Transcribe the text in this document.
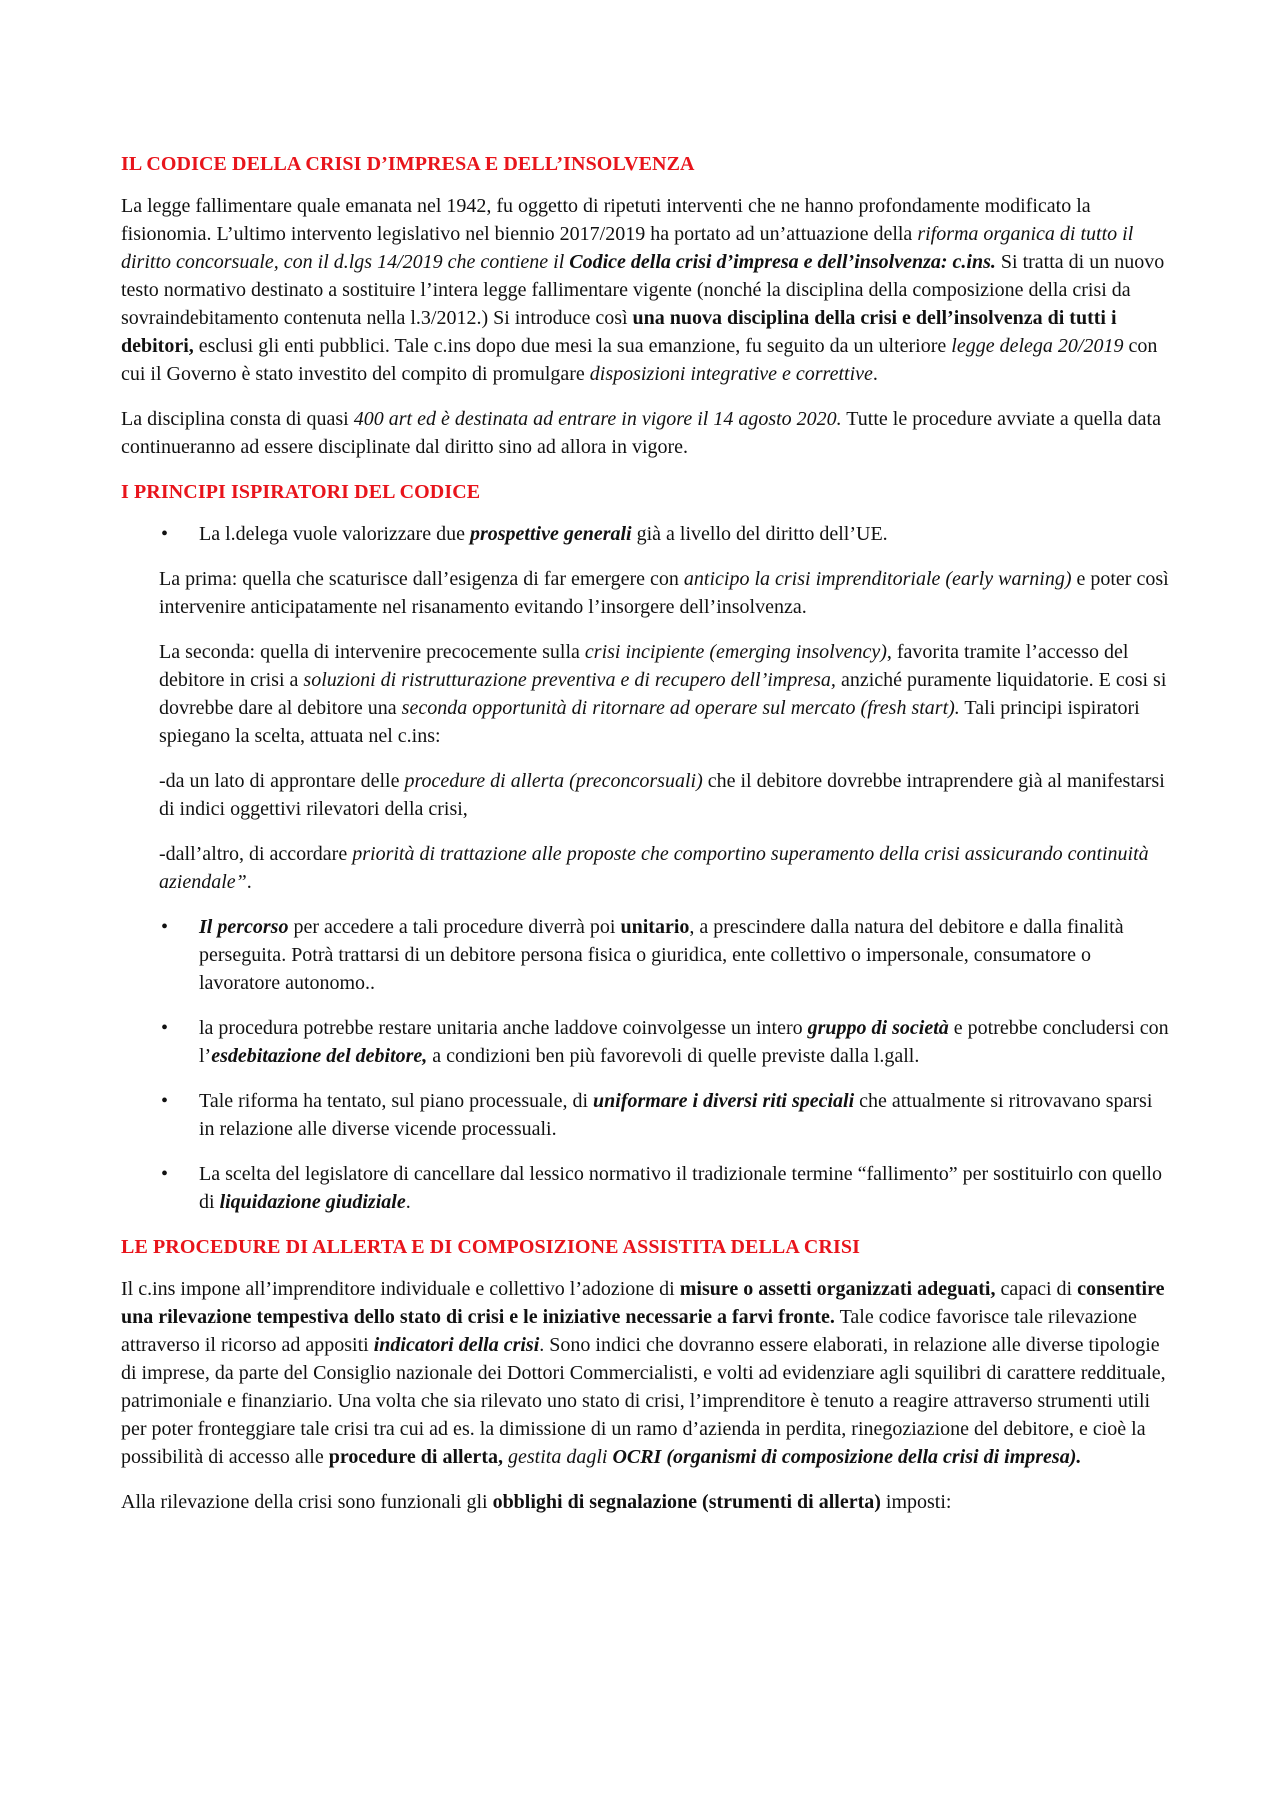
IL CODICE DELLA CRISI D’IMPRESA E DELL’INSOLVENZA

La legge fallimentare quale emanata nel 1942, fu oggetto di ripetuti interventi che ne hanno profondamente modificato la fisionomia. L’ultimo intervento legislativo nel biennio 2017/2019 ha portato ad un’attuazione della riforma organica di tutto il diritto concorsuale, con il d.lgs 14/2019 che contiene il Codice della crisi d’impresa e dell’insolvenza: c.ins. Si tratta di un nuovo testo normativo destinato a sostituire l’intera legge fallimentare vigente (nonché la disciplina della composizione della crisi da sovraindebitamento contenuta nella l.3/2012.) Si introduce così una nuova disciplina della crisi e dell’insolvenza di tutti i debitori, esclusi gli enti pubblici. Tale c.ins dopo due mesi la sua emanzione, fu seguito da un ulteriore legge delega 20/2019 con cui il Governo è stato investito del compito di promulgare disposizioni integrative e correttive.

La disciplina consta di quasi 400 art ed è destinata ad entrare in vigore il 14 agosto 2020. Tutte le procedure avviate a quella data continueranno ad essere disciplinate dal diritto sino ad allora in vigore.

I PRINCIPI ISPIRATORI DEL CODICE
• La l.delega vuole valorizzare due prospettive generali già a livello del diritto dell’UE.

La prima: quella che scaturisce dall’esigenza di far emergere con anticipo la crisi imprenditoriale (early warning) e poter così intervenire anticipatamente nel risanamento evitando l’insorgere dell’insolvenza.

La seconda: quella di intervenire precocemente sulla crisi incipiente (emerging insolvency), favorita tramite l’accesso del debitore in crisi a soluzioni di ristrutturazione preventiva e di recupero dell’impresa, anziché puramente liquidatorie. E cosi si dovrebbe dare al debitore una seconda opportunità di ritornare ad operare sul mercato (fresh start). Tali principi ispiratori spiegano la scelta, attuata nel c.ins:

-da un lato di approntare delle procedure di allerta (preconcorsuali) che il debitore dovrebbe intraprendere già al manifestarsi di indici oggettivi rilevatori della crisi,

-dall’altro, di accordare priorità di trattazione alle proposte che comportino superamento della crisi assicurando continuità aziendale”.

• Il percorso per accedere a tali procedure diverrà poi unitario, a prescindere dalla natura del debitore e dalla finalità perseguita. Potrà trattarsi di un debitore persona fisica o giuridica, ente collettivo o impersonale, consumatore o lavoratore autonomo..
• la procedura potrebbe restare unitaria anche laddove coinvolgesse un intero gruppo di società e potrebbe concludersi con l’esdebitazione del debitore, a condizioni ben più favorevoli di quelle previste dalla l.gall.
• Tale riforma ha tentato, sul piano processuale, di uniformare i diversi riti speciali che attualmente si ritrovavano sparsi in relazione alle diverse vicende processuali.
• La scelta del legislatore di cancellare dal lessico normativo il tradizionale termine “fallimento” per sostituirlo con quello di liquidazione giudiziale.
LE PROCEDURE DI ALLERTA E DI COMPOSIZIONE ASSISTITA DELLA CRISI

Il c.ins impone all’imprenditore individuale e collettivo l’adozione di misure o assetti organizzati adeguati, capaci di consentire una rilevazione tempestiva dello stato di crisi e le iniziative necessarie a farvi fronte. Tale codice favorisce tale rilevazione attraverso il ricorso ad appositi indicatori della crisi. Sono indici che dovranno essere elaborati, in relazione alle diverse tipologie di imprese, da parte del Consiglio nazionale dei Dottori Commercialisti, e volti ad evidenziare agli squilibri di carattere reddituale, patrimoniale e finanziario. Una volta che sia rilevato uno stato di crisi, l’imprenditore è tenuto a reagire attraverso strumenti utili per poter fronteggiare tale crisi tra cui ad es. la dimissione di un ramo d’azienda in perdita, rinegoziazione del debitore, e cioè la possibilità di accesso alle procedure di allerta, gestita dagli OCRI (organismi di composizione della crisi di impresa).

Alla rilevazione della crisi sono funzionali gli obblighi di segnalazione (strumenti di allerta) imposti:
